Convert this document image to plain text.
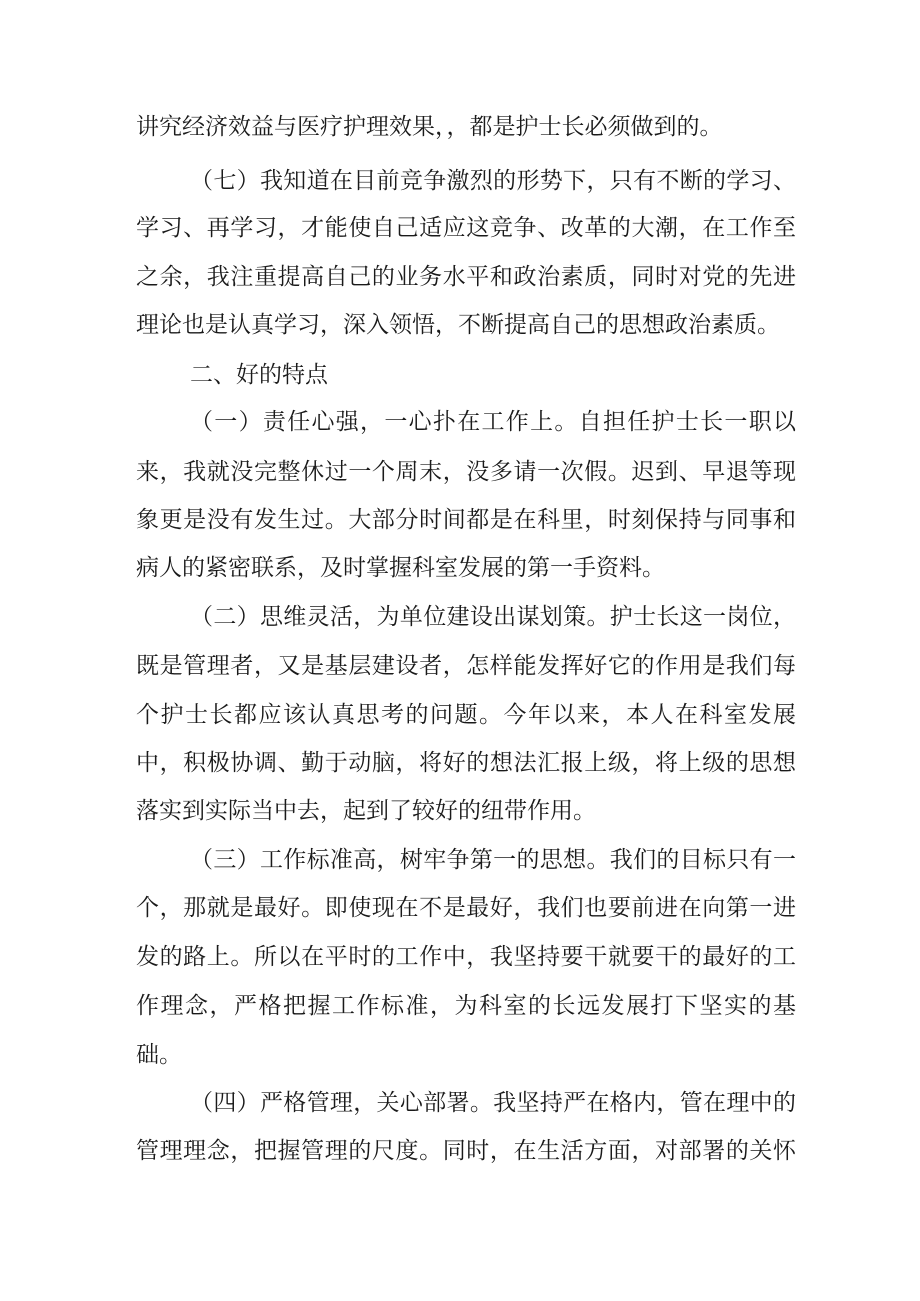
讲究经济效益与医疗护理效果，，都是护士长必须做到的。
（七）我知道在目前竞争激烈的形势下，只有不断的学习、
学习、再学习，才能使自己适应这竞争、改革的大潮，在工作至
之余，我注重提高自己的业务水平和政治素质，同时对党的先进
理论也是认真学习，深入领悟，不断提高自己的思想政治素质。
二、好的特点
（一）责任心强，一心扑在工作上。自担任护士长一职以
来，我就没完整休过一个周末，没多请一次假。迟到、早退等现
象更是没有发生过。大部分时间都是在科里，时刻保持与同事和
病人的紧密联系，及时掌握科室发展的第一手资料。
（二）思维灵活，为单位建设出谋划策。护士长这一岗位，
既是管理者，又是基层建设者，怎样能发挥好它的作用是我们每
个护士长都应该认真思考的问题。今年以来，本人在科室发展
中，积极协调、勤于动脑，将好的想法汇报上级，将上级的思想
落实到实际当中去，起到了较好的纽带作用。
（三）工作标准高，树牢争第一的思想。我们的目标只有一
个，那就是最好。即使现在不是最好，我们也要前进在向第一进
发的路上。所以在平时的工作中，我坚持要干就要干的最好的工
作理念，严格把握工作标准，为科室的长远发展打下坚实的基
础。
（四）严格管理，关心部署。我坚持严在格内，管在理中的
管理理念，把握管理的尺度。同时，在生活方面，对部署的关怀
